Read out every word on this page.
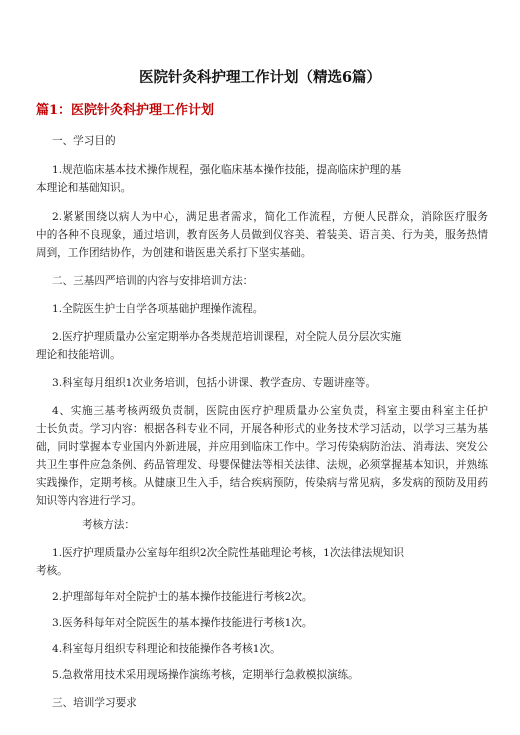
医院针灸科护理工作计划（精选6篇）
篇1：医院针灸科护理工作计划
一、学习目的
1.规范临床基本技术操作规程，强化临床基本操作技能，提高临床护理的基
本理论和基础知识。
2.紧紧围绕以病人为中心，满足患者需求，简化工作流程，方便人民群众，消除医疗服务
中的各种不良现象，通过培训，教育医务人员做到仪容美、着装美、语言美、行为美，服务热情
周到，工作团结协作，为创建和谐医患关系打下坚实基础。
二、三基四严培训的内容与安排培训方法：
1.全院医生护士自学各项基础护理操作流程。
2.医疗护理质量办公室定期举办各类规范培训课程，对全院人员分层次实施
理论和技能培训。
3.科室每月组织1次业务培训，包括小讲课、教学查房、专题讲座等。
4、实施三基考核两级负责制，医院由医疗护理质量办公室负责，科室主要由科室主任护
士长负责。学习内容：根据各科专业不同，开展各种形式的业务技术学习活动，以学习三基为基
础，同时掌握本专业国内外新进展，并应用到临床工作中。学习传染病防治法、消毒法、突发公
共卫生事件应急条例、药品管理发、母婴保健法等相关法律、法规，必须掌握基本知识，并熟练
实践操作，定期考核。从健康卫生入手，结合疾病预防，传染病与常见病，多发病的预防及用药
知识等内容进行学习。
考核方法：
1.医疗护理质量办公室每年组织2次全院性基础理论考核，1次法律法规知识
考核。
2.护理部每年对全院护士的基本操作技能进行考核2次。
3.医务科每年对全院医生的基本操作技能进行考核1次。
4.科室每月组织专科理论和技能操作各考核1次。
5.急救常用技术采用现场操作演练考核，定期举行急救模拟演练。
三、培训学习要求
